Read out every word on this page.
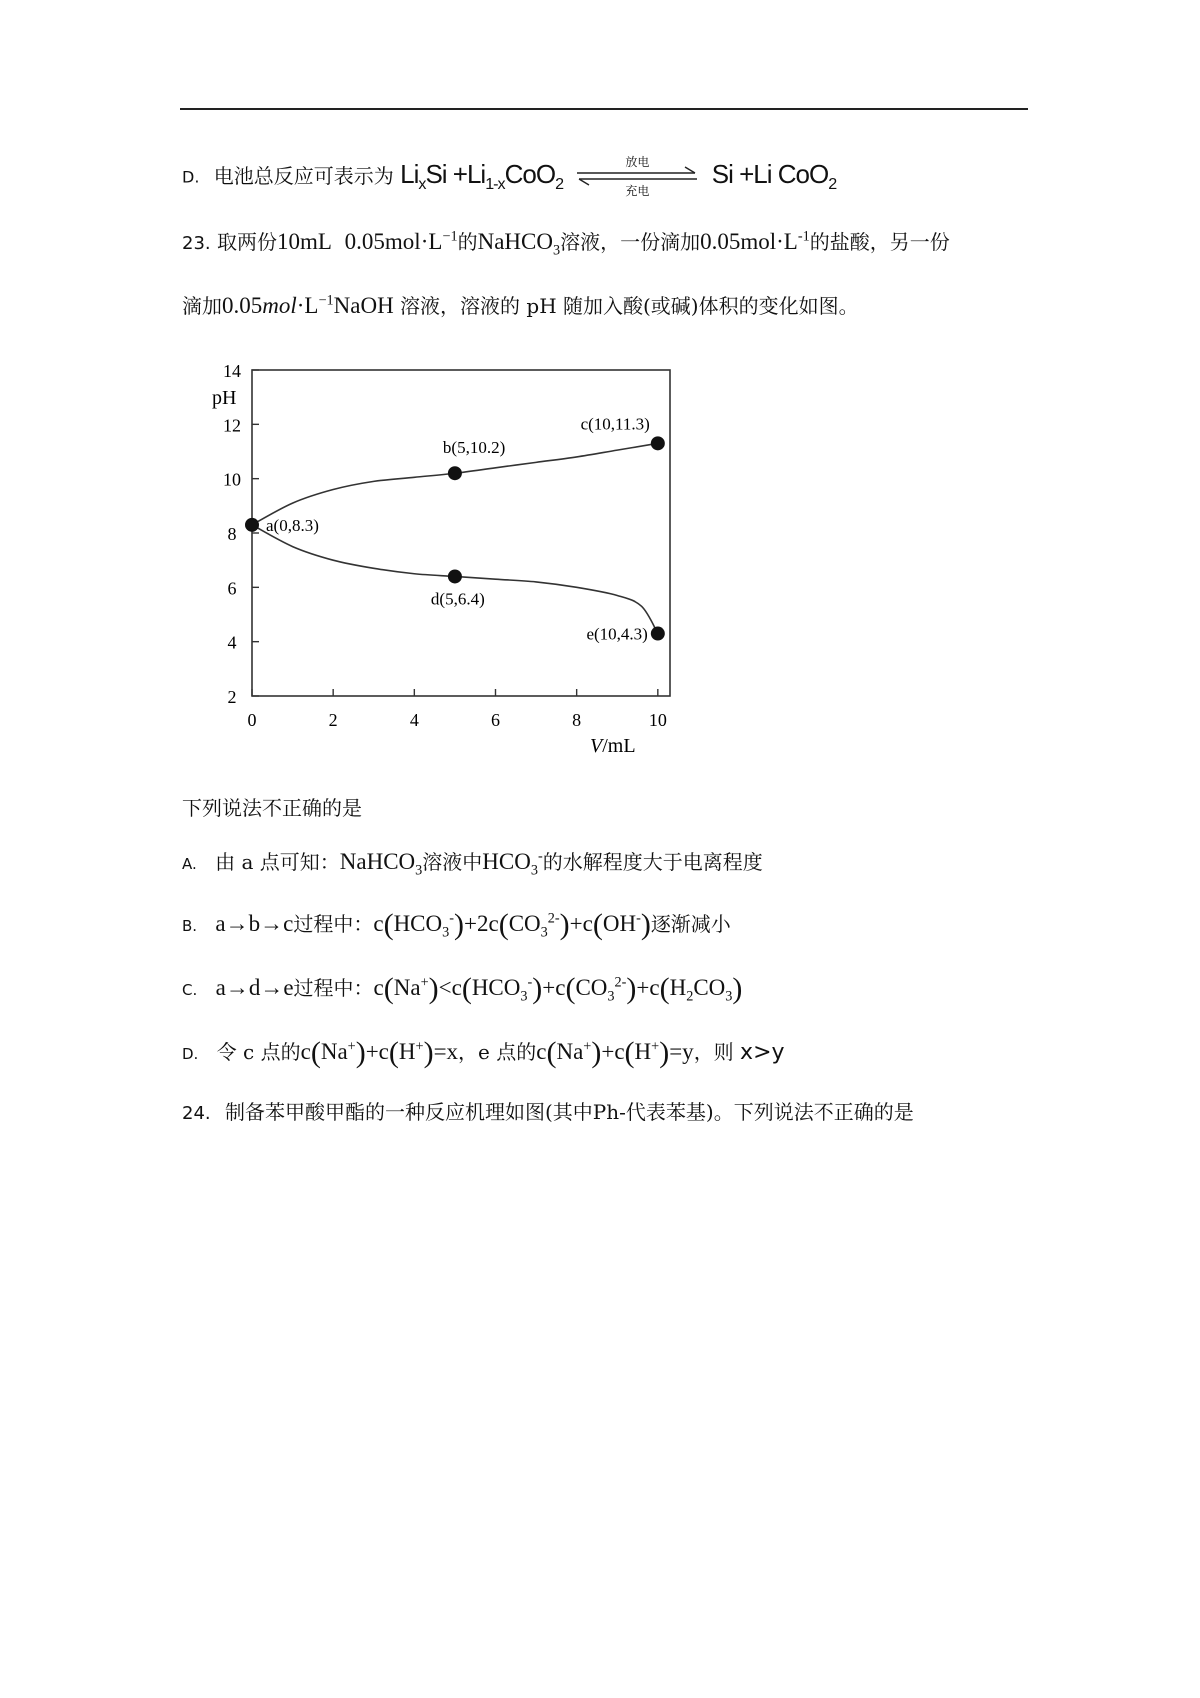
D. 电池总反应可表示为 $Li_xSi +Li_{1-x}CoO_2$
放电
充电
Si +Li CoO$_2$
23. 取两份10mL $0.05mol\cdot L^{-1}$的NaHCO$_3$溶液，一份滴加$0.05mol\cdot L^{-1}$的盐酸，另一份
滴加$0.05mol\cdot L^{-1}NaOH$ 溶液，溶液的 pH 随加入酸(或碱)体积的变化如图。
2
4
6
8
10
12
14
0	2	4	6	8	10
pH
V/mL
a(0,8.3)
b(5,10.2)
c(10,11.3)
d(5,6.4)
e(10,4.3)
下列说法不正确的是
A. 由 a 点可知：NaHCO$_3$溶液中$HCO_3^-$的水解程度大于电离程度
B. a→b→c过程中：$c(HCO_3^-)+2c(CO_3^{2-})+c(OH^-)$逐渐减小
C. a→d→e过程中：$c(Na^+)<c(HCO_3^-)+c(CO_3^{2-})+c(H_2CO_3)$
D. 令 c 点的c(Na+)+c(H+)=x，e 点的c(Na+)+c(H+)=y，则 x>y
24. 制备苯甲酸甲酯的一种反应机理如图(其中Ph-代表苯基)。下列说法不正确的是
